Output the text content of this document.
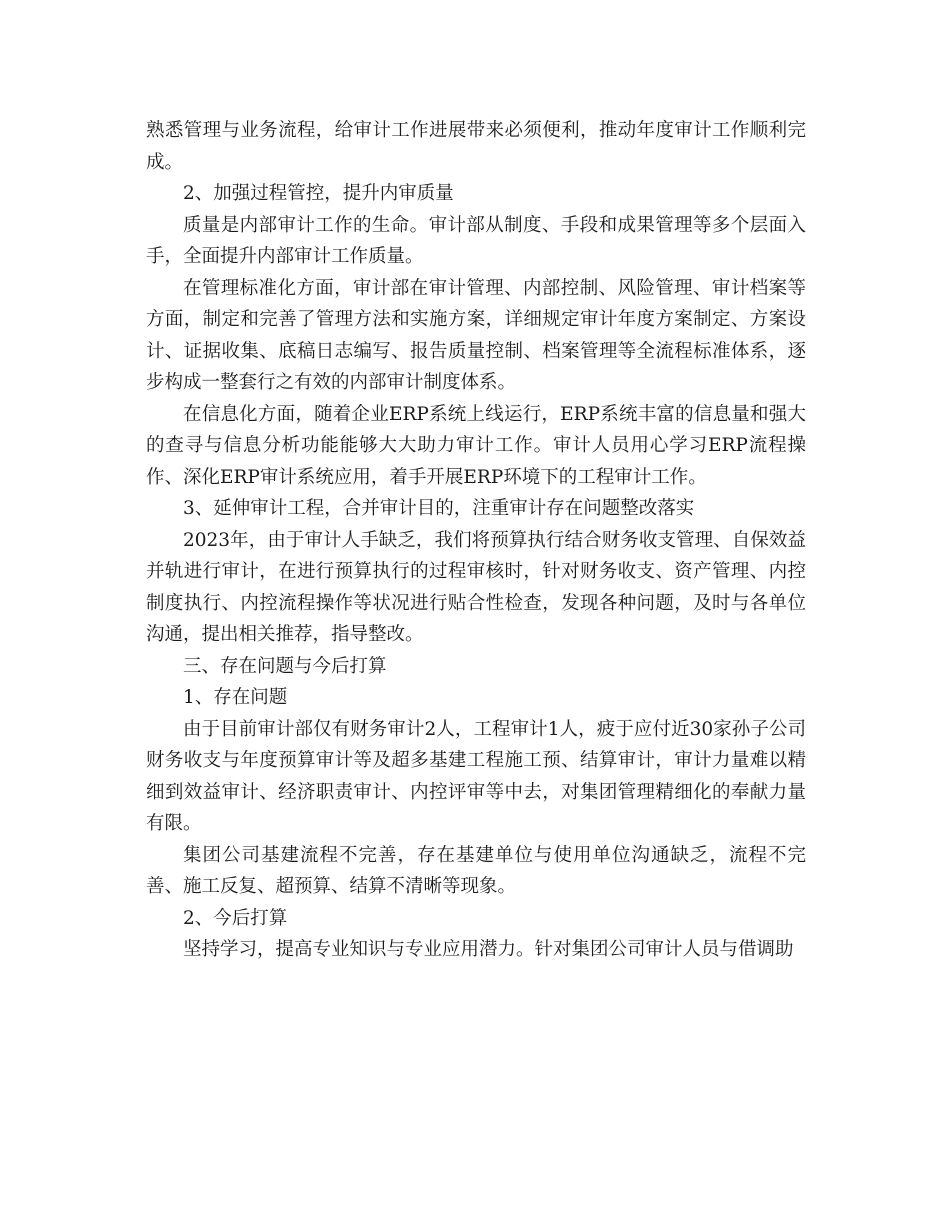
熟悉管理与业务流程，给审计工作进展带来必须便利，推动年度审计工作顺利完成。

2、加强过程管控，提升内审质量

质量是内部审计工作的生命。审计部从制度、手段和成果管理等多个层面入手，全面提升内部审计工作质量。

在管理标准化方面，审计部在审计管理、内部控制、风险管理、审计档案等方面，制定和完善了管理方法和实施方案，详细规定审计年度方案制定、方案设计、证据收集、底稿日志编写、报告质量控制、档案管理等全流程标准体系，逐步构成一整套行之有效的内部审计制度体系。

在信息化方面，随着企业ERP系统上线运行，ERP系统丰富的信息量和强大的查寻与信息分析功能能够大大助力审计工作。审计人员用心学习ERP流程操作、深化ERP审计系统应用，着手开展ERP环境下的工程审计工作。

3、延伸审计工程，合并审计目的，注重审计存在问题整改落实

2023年，由于审计人手缺乏，我们将预算执行结合财务收支管理、自保效益并轨进行审计，在进行预算执行的过程审核时，针对财务收支、资产管理、内控制度执行、内控流程操作等状况进行贴合性检查，发现各种问题，及时与各单位沟通，提出相关推荐，指导整改。

三、存在问题与今后打算

1、存在问题

由于目前审计部仅有财务审计2人，工程审计1人，疲于应付近30家孙子公司财务收支与年度预算审计等及超多基建工程施工预、结算审计，审计力量难以精细到效益审计、经济职责审计、内控评审等中去，对集团管理精细化的奉献力量有限。

集团公司基建流程不完善，存在基建单位与使用单位沟通缺乏，流程不完善、施工反复、超预算、结算不清晰等现象。

2、今后打算

坚持学习，提高专业知识与专业应用潜力。针对集团公司审计人员与借调助
